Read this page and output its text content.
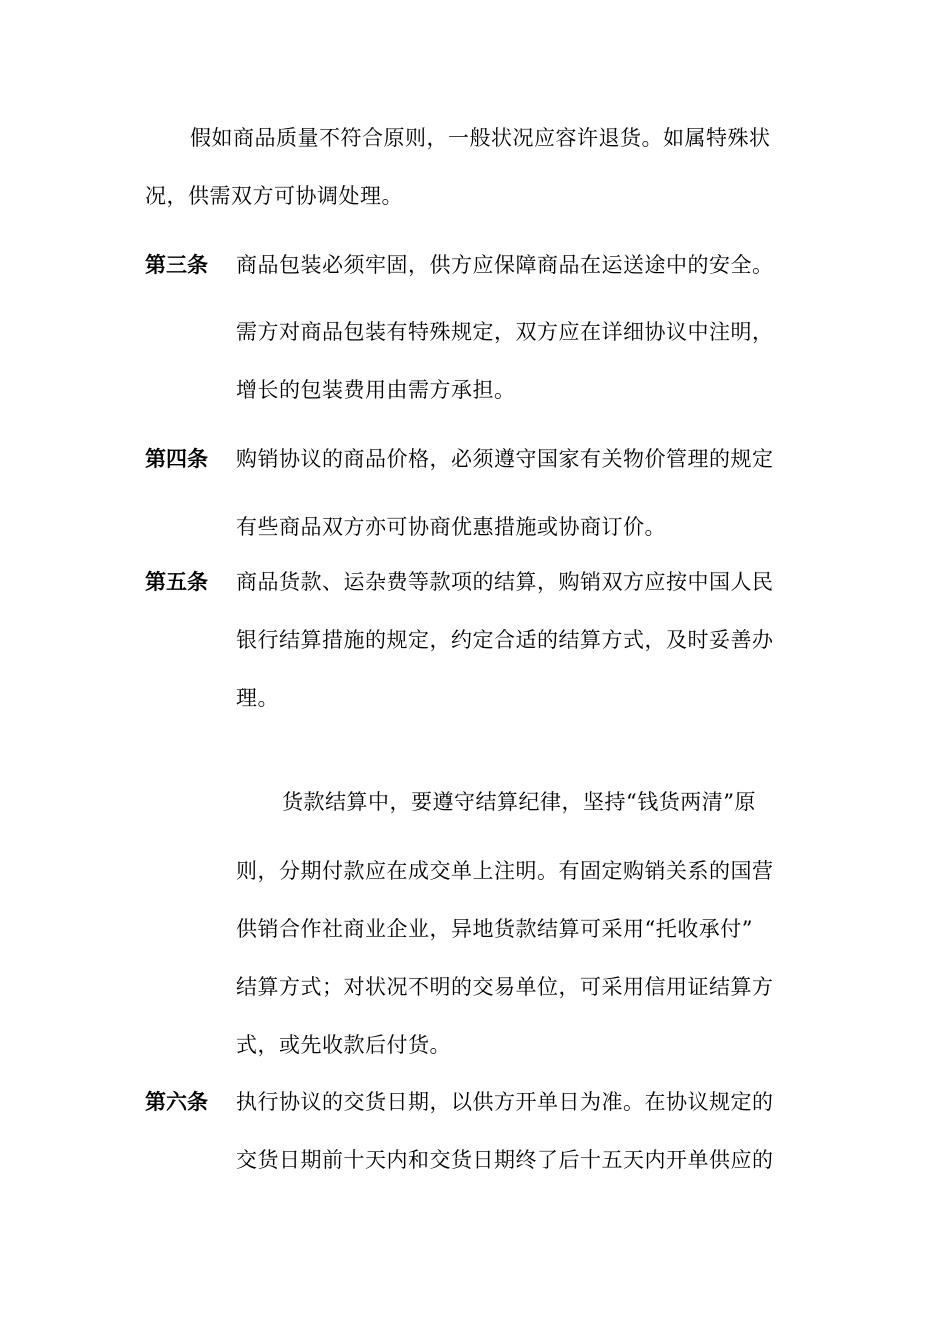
假如商品质量不符合原则，一般状况应容许退货。如属特殊状
况，供需双方可协调处理。
第三条 商品包装必须牢固，供方应保障商品在运送途中的安全。
需方对商品包装有特殊规定，双方应在详细协议中注明，
增长的包装费用由需方承担。
第四条 购销协议的商品价格，必须遵守国家有关物价管理的规定
有些商品双方亦可协商优惠措施或协商订价。
第五条 商品货款、运杂费等款项的结算，购销双方应按中国人民
银行结算措施的规定，约定合适的结算方式，及时妥善办
理。
货款结算中，要遵守结算纪律，坚持“钱货两清”原
则，分期付款应在成交单上注明。有固定购销关系的国营
供销合作社商业企业，异地货款结算可采用“托收承付”
结算方式；对状况不明的交易单位，可采用信用证结算方
式，或先收款后付货。
第六条 执行协议的交货日期，以供方开单日为准。在协议规定的
交货日期前十天内和交货日期终了后十五天内开单供应的
